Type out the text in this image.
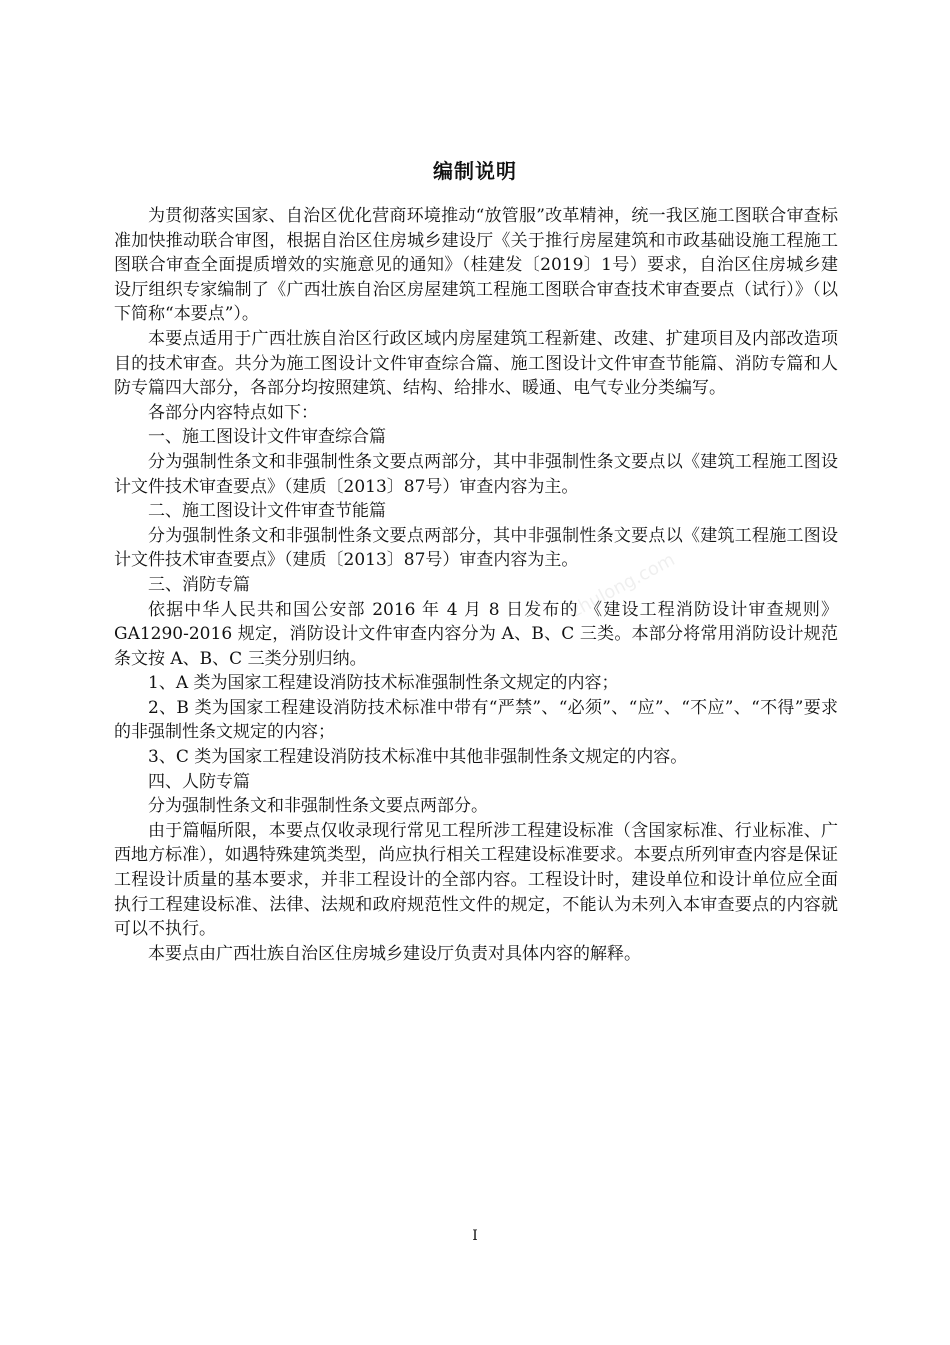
编制说明

为贯彻落实国家、自治区优化营商环境推动“放管服”改革精神，统一我区施工图联合审查标准加快推动联合审图，根据自治区住房城乡建设厅《关于推行房屋建筑和市政基础设施工程施工图联合审查全面提质增效的实施意见的通知》（桂建发〔2019〕1号）要求，自治区住房城乡建设厅组织专家编制了《广西壮族自治区房屋建筑工程施工图联合审查技术审查要点（试行）》（以下简称“本要点”）。

本要点适用于广西壮族自治区行政区域内房屋建筑工程新建、改建、扩建项目及内部改造项目的技术审查。共分为施工图设计文件审查综合篇、施工图设计文件审查节能篇、消防专篇和人防专篇四大部分，各部分均按照建筑、结构、给排水、暖通、电气专业分类编写。

各部分内容特点如下：

一、施工图设计文件审查综合篇

分为强制性条文和非强制性条文要点两部分，其中非强制性条文要点以《建筑工程施工图设计文件技术审查要点》（建质〔2013〕87号）审查内容为主。

二、施工图设计文件审查节能篇

分为强制性条文和非强制性条文要点两部分，其中非强制性条文要点以《建筑工程施工图设计文件技术审查要点》（建质〔2013〕87号）审查内容为主。

三、消防专篇

依据中华人民共和国公安部 2016 年 4 月 8 日发布的 《建设工程消防设计审查规则》 GA1290-2016 规定，消防设计文件审查内容分为 A、B、C 三类。本部分将常用消防设计规范条文按 A、B、C 三类分别归纳。

1、A 类为国家工程建设消防技术标准强制性条文规定的内容；

2、B 类为国家工程建设消防技术标准中带有“严禁”、“必须”、“应”、“不应”、“不得”要求的非强制性条文规定的内容；

3、C 类为国家工程建设消防技术标准中其他非强制性条文规定的内容。

四、人防专篇

分为强制性条文和非强制性条文要点两部分。

由于篇幅所限，本要点仅收录现行常见工程所涉工程建设标准（含国家标准、行业标准、广西地方标准），如遇特殊建筑类型，尚应执行相关工程建设标准要求。本要点所列审查内容是保证工程设计质量的基本要求，并非工程设计的全部内容。工程设计时，建设单位和设计单位应全面执行工程建设标准、法律、法规和政府规范性文件的规定，不能认为未列入本审查要点的内容就可以不执行。

本要点由广西壮族自治区住房城乡建设厅负责对具体内容的解释。

zhulong.com
I
